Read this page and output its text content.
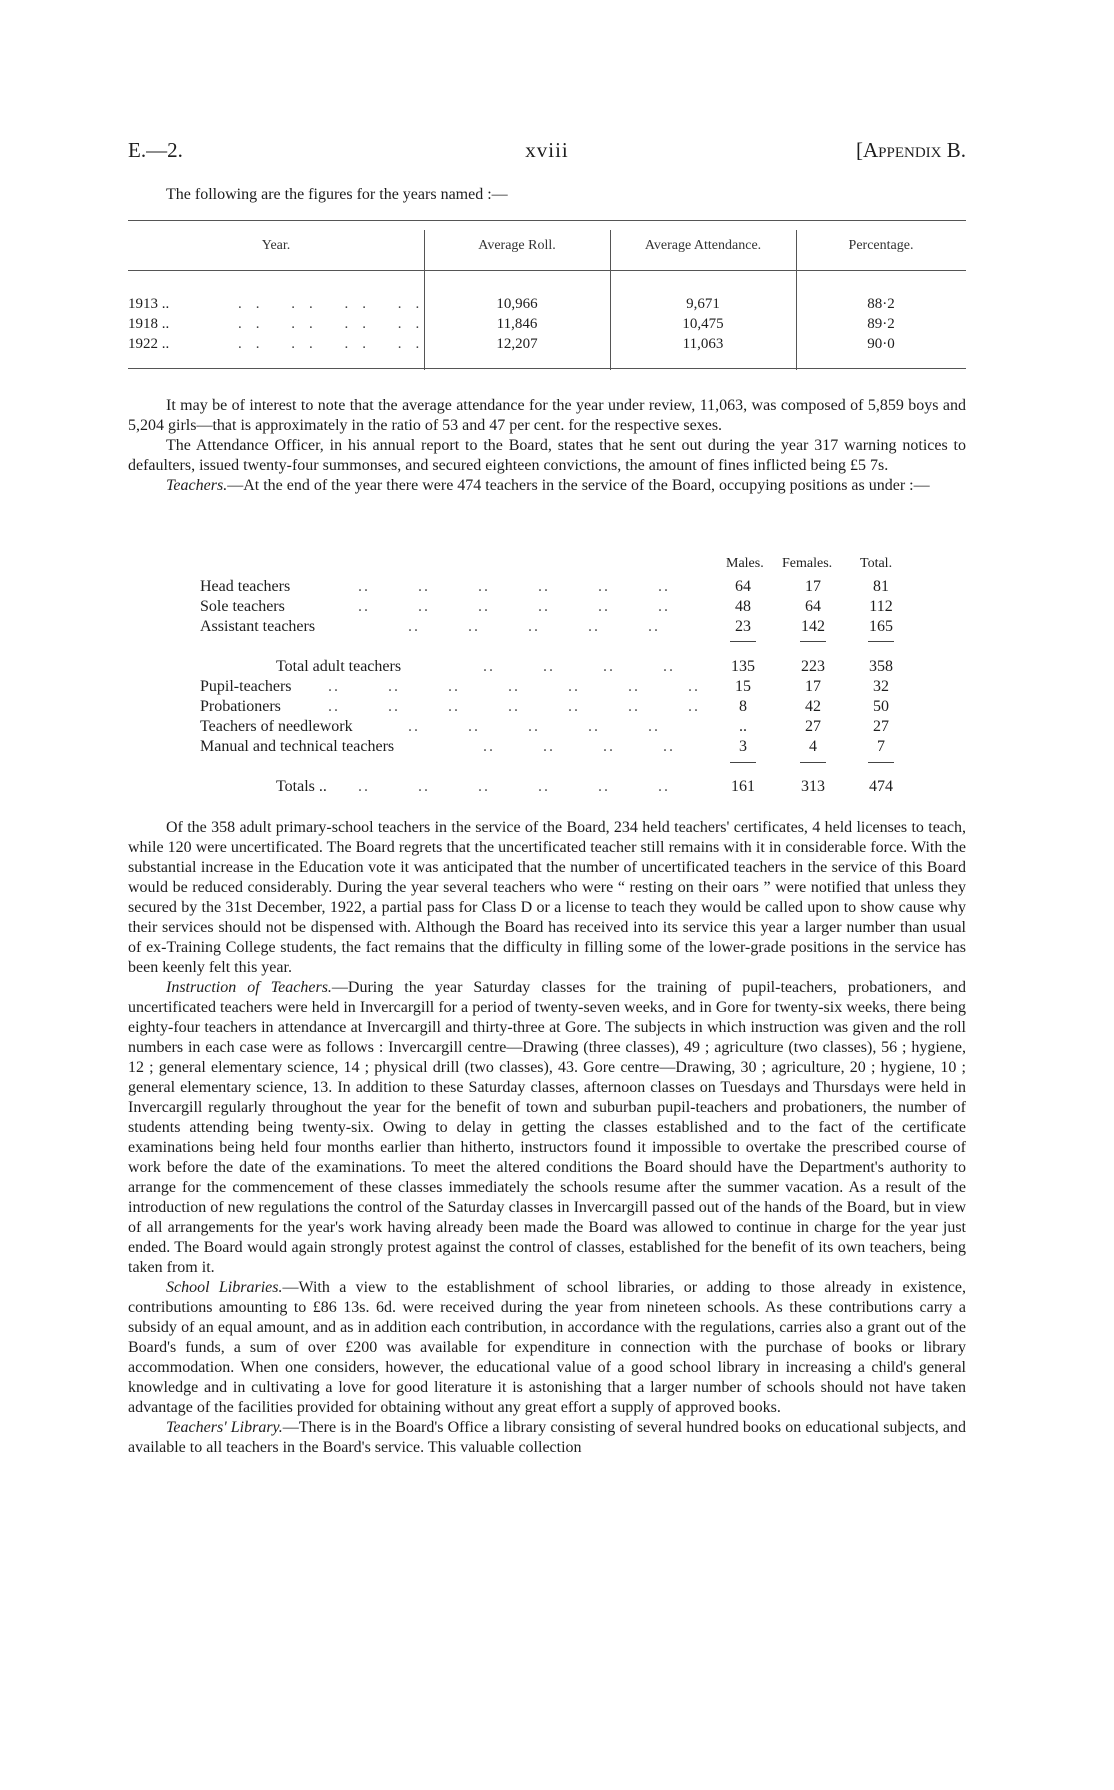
E.—2.	xviii	[Appendix B.
The following are the figures for the years named :—
Year.	Average Roll.	Average Attendance.	Percentage.
1913 ..	.. .. .. ..	10,966	9,671	88·2
1918 ..	.. .. .. ..	11,846	10,475	89·2
1922 ..	.. .. .. ..	12,207	11,063	90·0

It may be of interest to note that the average attendance for the year under review, 11,063, was composed of 5,859 boys and 5,204 girls—that is approximately in the ratio of 53 and 47 per cent. for the respective sexes.

The Attendance Officer, in his annual report to the Board, states that he sent out during the year 317 warning notices to defaulters, issued twenty-four summonses, and secured eighteen convictions, the amount of fines inflicted being £5 7s.

Teachers.—At the end of the year there were 474 teachers in the service of the Board, occupying positions as under :—

Males. Females. Total.
Head teachers	..        ..        ..        ..        ..        ..	64	17	81
Sole teachers	..        ..        ..        ..        ..        ..	48	64	112
Assistant teachers	..        ..        ..        ..        ..	23	142	165
Total adult teachers	..        ..        ..        ..	135	223	358
Pupil-teachers ..        ..        ..        ..        ..        ..        ..	15	17	32
Probationers	..        ..        ..        ..        ..        ..        ..	8	42	50
Teachers of needlework	..        ..        ..        ..        ..	..	27	27
Manual and technical teachers	..        ..        ..        ..	3	4	7
Totals .. ..        ..        ..        ..        ..        ..	161	313	474

Of the 358 adult primary-school teachers in the service of the Board, 234 held teachers' certificates, 4 held licenses to teach, while 120 were uncertificated. The Board regrets that the uncertificated teacher still remains with it in considerable force. With the substantial increase in the Education vote it was anticipated that the number of uncertificated teachers in the service of this Board would be reduced considerably. During the year several teachers who were “ resting on their oars ” were notified that unless they secured by the 31st December, 1922, a partial pass for Class D or a license to teach they would be called upon to show cause why their services should not be dispensed with. Although the Board has received into its service this year a larger number than usual of ex-Training College students, the fact remains that the difficulty in filling some of the lower-grade positions in the service has been keenly felt this year.

Instruction of Teachers.—During the year Saturday classes for the training of pupil-teachers, probationers, and uncertificated teachers were held in Invercargill for a period of twenty-seven weeks, and in Gore for twenty-six weeks, there being eighty-four teachers in attendance at Invercargill and thirty-three at Gore. The subjects in which instruction was given and the roll numbers in each case were as follows : Invercargill centre—Drawing (three classes), 49 ; agriculture (two classes), 56 ; hygiene, 12 ; general elementary science, 14 ; physical drill (two classes), 43. Gore centre—Drawing, 30 ; agriculture, 20 ; hygiene, 10 ; general elementary science, 13. In addition to these Saturday classes, afternoon classes on Tuesdays and Thursdays were held in Invercargill regularly throughout the year for the benefit of town and suburban pupil-teachers and probationers, the number of students attending being twenty-six. Owing to delay in getting the classes established and to the fact of the certificate examinations being held four months earlier than hitherto, instructors found it impossible to overtake the prescribed course of work before the date of the examinations. To meet the altered conditions the Board should have the Department's authority to arrange for the commencement of these classes immediately the schools resume after the summer vacation. As a result of the introduction of new regulations the control of the Saturday classes in Invercargill passed out of the hands of the Board, but in view of all arrangements for the year's work having already been made the Board was allowed to continue in charge for the year just ended. The Board would again strongly protest against the control of classes, established for the benefit of its own teachers, being taken from it.

School Libraries.—With a view to the establishment of school libraries, or adding to those already in existence, contributions amounting to £86 13s. 6d. were received during the year from nineteen schools. As these contributions carry a subsidy of an equal amount, and as in addition each contribution, in accordance with the regulations, carries also a grant out of the Board's funds, a sum of over £200 was available for expenditure in connection with the purchase of books or library accommodation. When one considers, however, the educational value of a good school library in increasing a child's general knowledge and in cultivating a love for good literature it is astonishing that a larger number of schools should not have taken advantage of the facilities provided for obtaining without any great effort a supply of approved books.

Teachers' Library.—There is in the Board's Office a library consisting of several hundred books on educational subjects, and available to all teachers in the Board's service. This valuable collection
